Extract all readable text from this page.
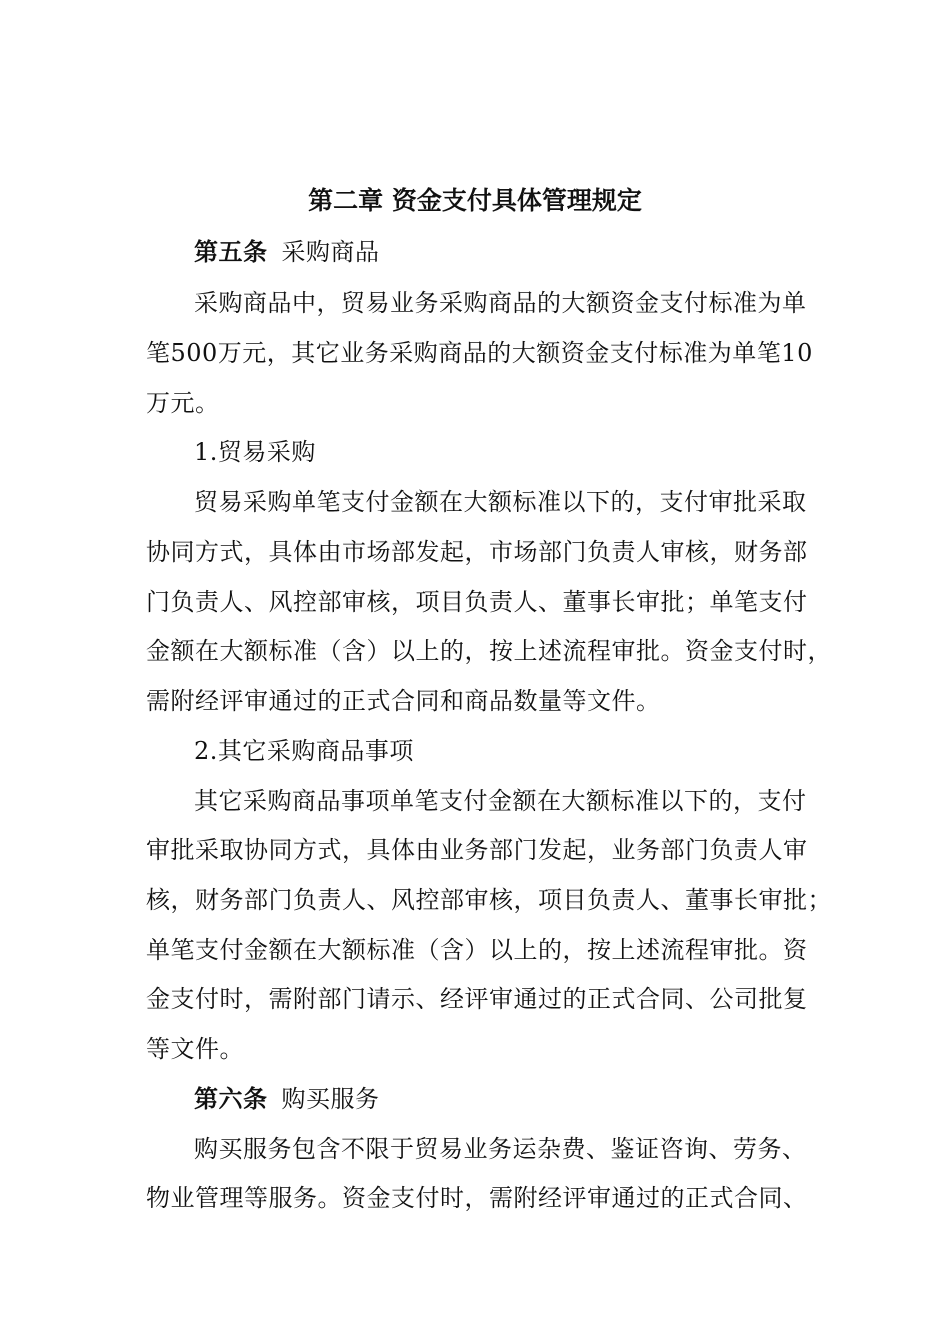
第二章 资金支付具体管理规定
第五条 采购商品
采购商品中，贸易业务采购商品的大额资金支付标准为单
笔500万元，其它业务采购商品的大额资金支付标准为单笔10
万元。
1.贸易采购
贸易采购单笔支付金额在大额标准以下的，支付审批采取
协同方式，具体由市场部发起，市场部门负责人审核，财务部
门负责人、风控部审核，项目负责人、董事长审批；单笔支付
金额在大额标准（含）以上的，按上述流程审批。资金支付时，
需附经评审通过的正式合同和商品数量等文件。
2.其它采购商品事项
其它采购商品事项单笔支付金额在大额标准以下的，支付
审批采取协同方式，具体由业务部门发起，业务部门负责人审
核，财务部门负责人、风控部审核，项目负责人、董事长审批；
单笔支付金额在大额标准（含）以上的，按上述流程审批。资
金支付时，需附部门请示、经评审通过的正式合同、公司批复
等文件。
第六条 购买服务
购买服务包含不限于贸易业务运杂费、鉴证咨询、劳务、
物业管理等服务。资金支付时，需附经评审通过的正式合同、
